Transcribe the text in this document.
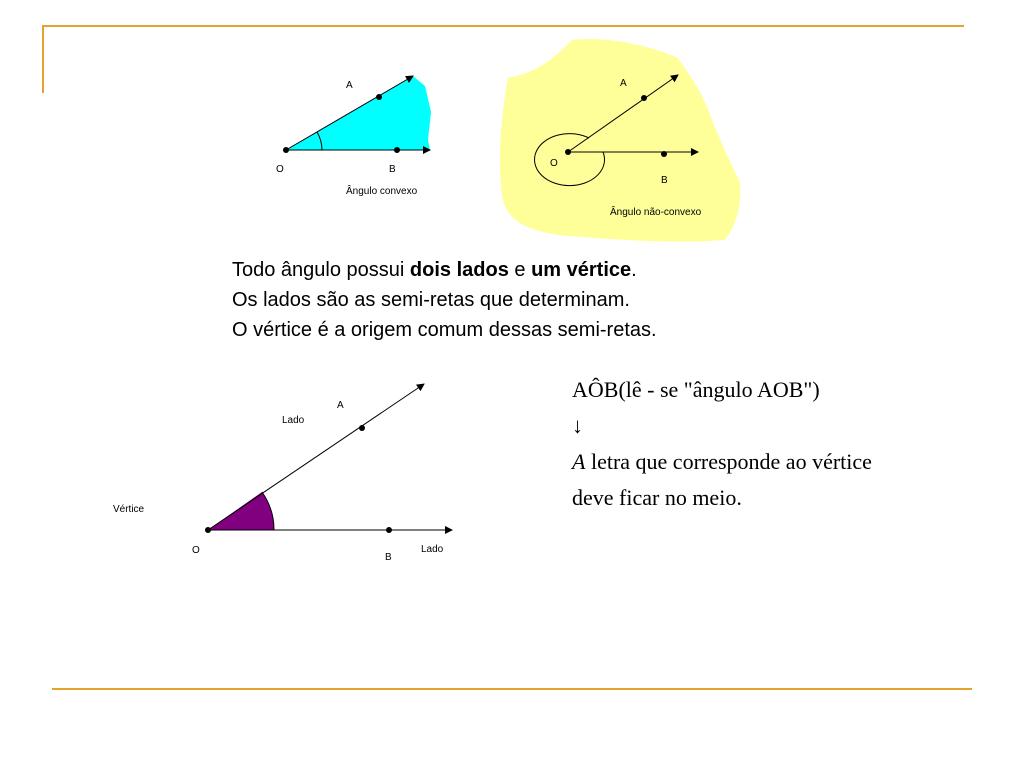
A
O	B
Ângulo convexo
A
O
B
Ângulo não-convexo
Lado
A
Vértice
O
B
Lado
Todo ângulo possui dois lados e um vértice.
Os lados são as semi-retas que determinam.
O vértice é a origem comum dessas semi-retas.
AÔB(lê - se "ângulo AOB")
↓
A letra que corresponde ao vértice
deve ficar no meio.
